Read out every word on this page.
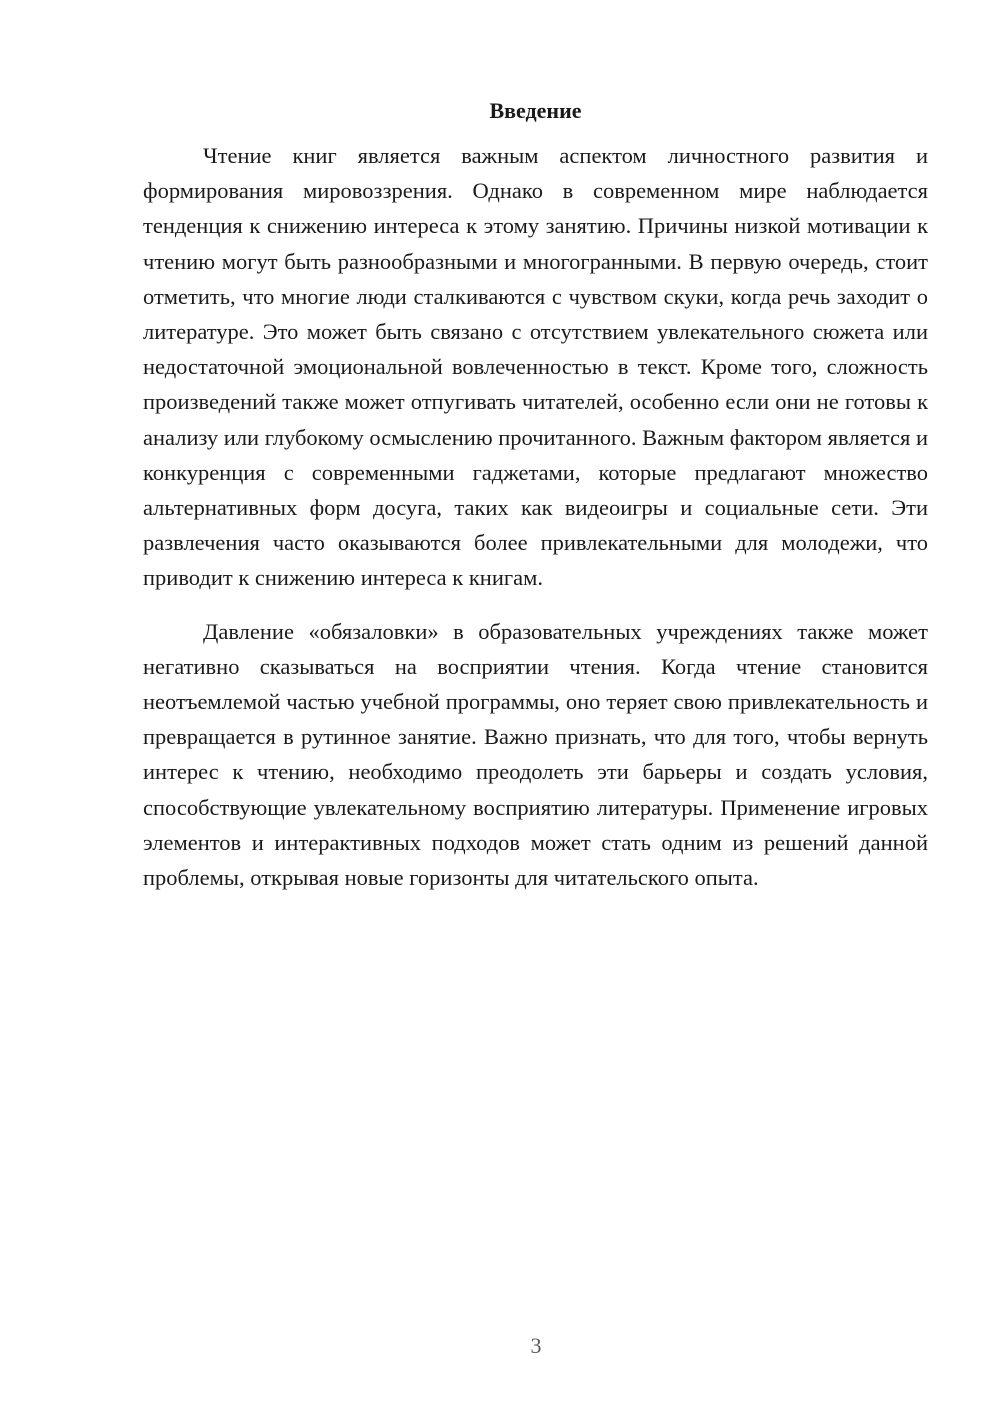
Введение

Чтение книг является важным аспектом личностного развития и формирования мировоззрения. Однако в современном мире наблюдается тенденция к снижению интереса к этому занятию. Причины низкой мотивации к чтению могут быть разнообразными и многогранными. В первую очередь, стоит отметить, что многие люди сталкиваются с чувством скуки, когда речь заходит о литературе. Это может быть связано с отсутствием увлекательного сюжета или недостаточной эмоциональной вовлеченностью в текст. Кроме того, сложность произведений также может отпугивать читателей, особенно если они не готовы к анализу или глубокому осмыслению прочитанного. Важным фактором является и конкуренция с современными гаджетами, которые предлагают множество альтернативных форм досуга, таких как видеоигры и социальные сети. Эти развлечения часто оказываются более привлекательными для молодежи, что приводит к снижению интереса к книгам.

Давление «обязаловки» в образовательных учреждениях также может негативно сказываться на восприятии чтения. Когда чтение становится неотъемлемой частью учебной программы, оно теряет свою привлекательность и превращается в рутинное занятие. Важно признать, что для того, чтобы вернуть интерес к чтению, необходимо преодолеть эти барьеры и создать условия, способствующие увлекательному восприятию литературы. Применение игровых элементов и интерактивных подходов может стать одним из решений данной проблемы, открывая новые горизонты для читательского опыта.

3
